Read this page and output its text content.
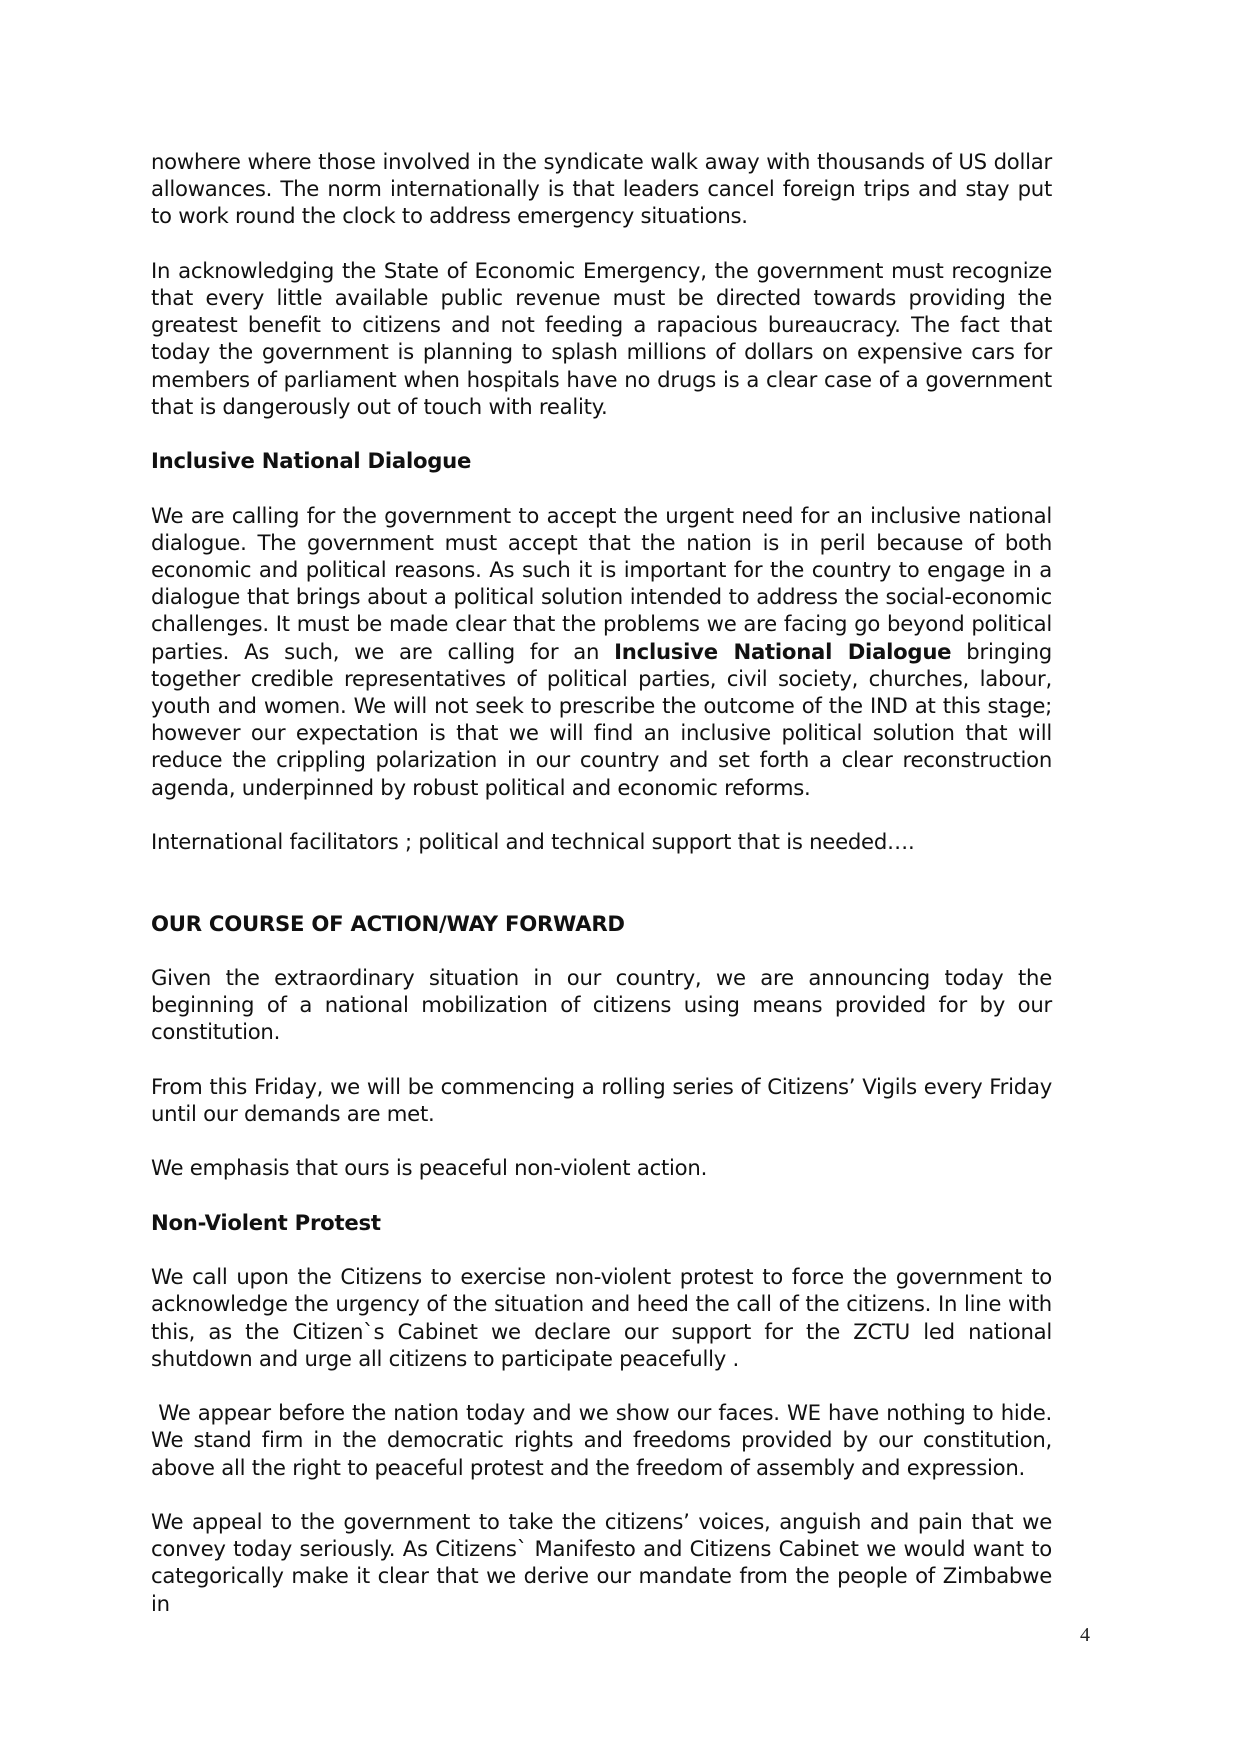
nowhere where those involved in the syndicate walk away with thousands of US dollar allowances. The norm internationally is that leaders cancel foreign trips and stay put to work round the clock to address emergency situations.

In acknowledging the State of Economic Emergency, the government must recognize that every little available public revenue must be directed towards providing the greatest benefit to citizens and not feeding a rapacious bureaucracy. The fact that today the government is planning to splash millions of dollars on expensive cars for members of parliament when hospitals have no drugs is a clear case of a government that is dangerously out of touch with reality.

Inclusive National Dialogue

We are calling for the government to accept the urgent need for an inclusive national dialogue. The government must accept that the nation is in peril because of both economic and political reasons. As such it is important for the country to engage in a dialogue that brings about a political solution intended to address the social-economic challenges. It must be made clear that the problems we are facing go beyond political parties. As such, we are calling for an Inclusive National Dialogue bringing together credible representatives of political parties, civil society, churches, labour, youth and women. We will not seek to prescribe the outcome of the IND at this stage; however our expectation is that we will find an inclusive political solution that will reduce the crippling polarization in our country and set forth a clear reconstruction agenda, underpinned by robust political and economic reforms.

International facilitators ; political and technical support that is needed….

OUR COURSE OF ACTION/WAY FORWARD

Given the extraordinary situation in our country, we are announcing today the beginning of a national mobilization of citizens using means provided for by our constitution.

From this Friday, we will be commencing a rolling series of Citizens’ Vigils every Friday until our demands are met.

We emphasis that ours is peaceful non-violent action.

Non-Violent Protest

We call upon the Citizens to exercise non-violent protest to force the government to acknowledge the urgency of the situation and heed the call of the citizens. In line with this, as the Citizen`s Cabinet we declare our support for the ZCTU led national shutdown and urge all citizens to participate peacefully .

We appear before the nation today and we show our faces. WE have nothing to hide. We stand firm in the democratic rights and freedoms provided by our constitution, above all the right to peaceful protest and the freedom of assembly and expression.

We appeal to the government to take the citizens’ voices, anguish and pain that we convey today seriously. As Citizens` Manifesto and Citizens Cabinet we would want to categorically make it clear that we derive our mandate from the people of Zimbabwe in

4
